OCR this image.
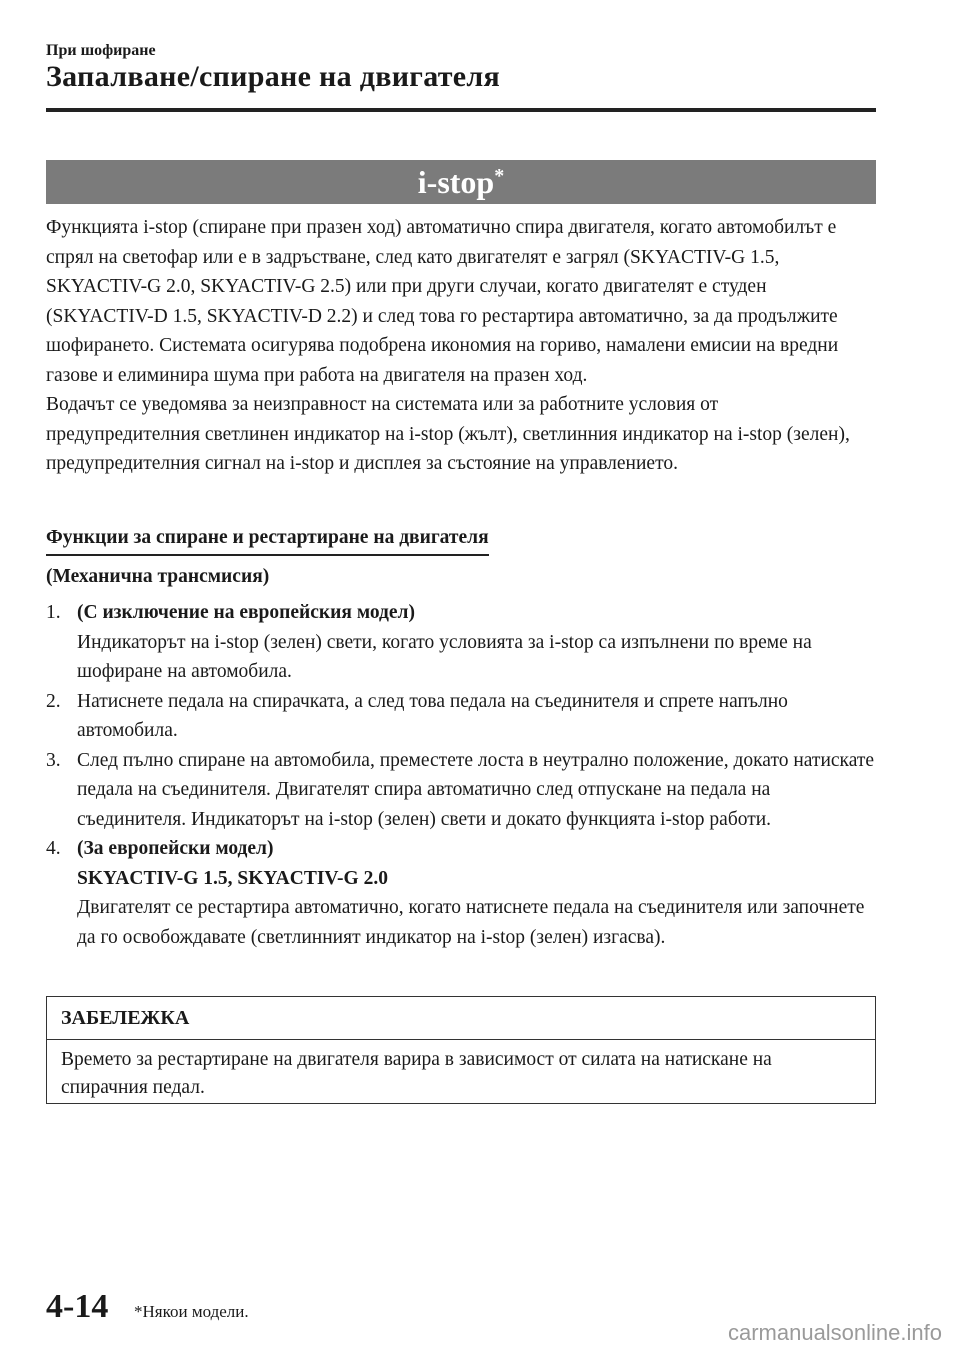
При шофиране
Запалване/спиране на двигателя
i-stop*
Функцията i-stop (спиране при празен ход) автоматично спира двигателя, когато автомобилът е спрял на светофар или е в задръстване, след като двигателят е загрял (SKYACTIV-G 1.5, SKYACTIV-G 2.0, SKYACTIV-G 2.5) или при други случаи, когато двигателят е студен (SKYACTIV-D 1.5, SKYACTIV-D 2.2) и след това го рестартира автоматично, за да продължите шофирането. Системата осигурява подобрена икономия на гориво, намалени емисии на вредни газове и елиминира шума при работа на двигателя на празен ход.
Водачът се уведомява за неизправност на системата или за работните условия от предупредителния светлинен индикатор на i-stop (жълт), светлинния индикатор на i-stop (зелен), предупредителния сигнал на i-stop и дисплея за състояние на управлението.
Функции за спиране и рестартиране на двигателя
(Механична трансмисия)
1. (С изключение на европейския модел)
Индикаторът на i-stop (зелен) свети, когато условията за i-stop са изпълнени по време на шофиране на автомобила.
2. Натиснете педала на спирачката, а след това педала на съединителя и спрете напълно автомобила.
3. След пълно спиране на автомобила, преместете лоста в неутрално положение, докато натискате педала на съединителя. Двигателят спира автоматично след отпускане на педала на съединителя. Индикаторът на i-stop (зелен) свети и докато функцията i-stop работи.
4. (За европейски модел)
SKYACTIV-G 1.5, SKYACTIV-G 2.0
Двигателят се рестартира автоматично, когато натиснете педала на съединителя или започнете да го освобождавате (светлинният индикатор на i-stop (зелен) изгасва).
ЗАБЕЛЕЖКА
Времето за рестартиране на двигателя варира в зависимост от силата на натискане на спирачния педал.
4-14 *Някои модели.
carmanualsonline.info
